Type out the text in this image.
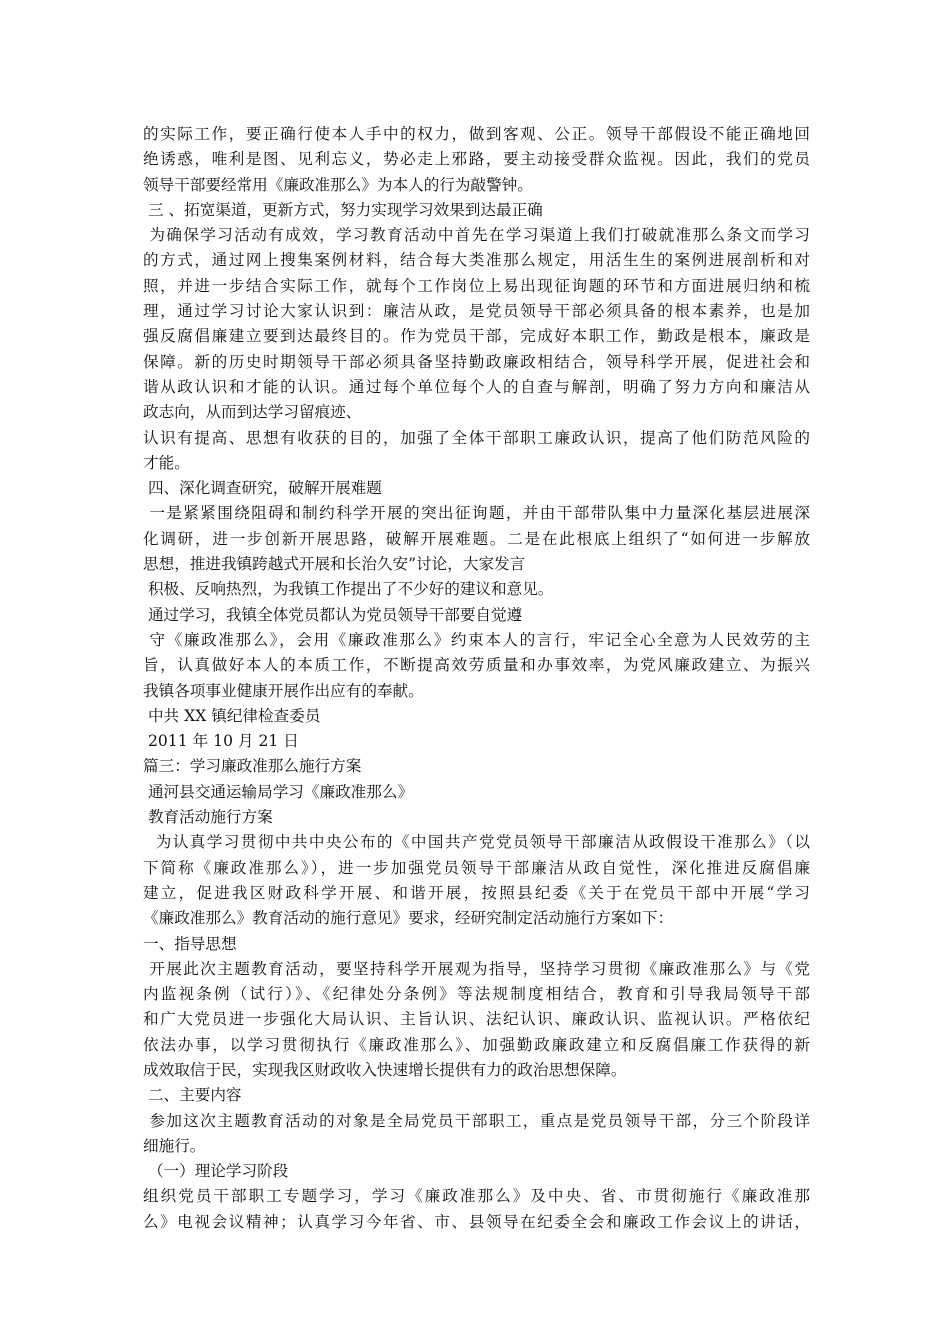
的实际工作，要正确行使本人手中的权力，做到客观、公正。领导干部假设不能正确地回
绝诱惑，唯利是图、见利忘义，势必走上邪路，要主动接受群众监视。因此，我们的党员
领导干部要经常用《廉政准那么》为本人的行为敲警钟。
三 、拓宽渠道，更新方式，努力实现学习效果到达最正确
为确保学习活动有成效，学习教育活动中首先在学习渠道上我们打破就准那么条文而学习
的方式，通过网上搜集案例材料，结合每大类准那么规定，用活生生的案例进展剖析和对
照，并进一步结合实际工作，就每个工作岗位上易出现征询题的环节和方面进展归纳和梳
理，通过学习讨论大家认识到：廉洁从政，是党员领导干部必须具备的根本素养，也是加
强反腐倡廉建立要到达最终目的。作为党员干部，完成好本职工作，勤政是根本，廉政是
保障。新的历史时期领导干部必须具备坚持勤政廉政相结合，领导科学开展，促进社会和
谐从政认识和才能的认识。通过每个单位每个人的自查与解剖，明确了努力方向和廉洁从
政志向，从而到达学习留痕迹、
认识有提高、思想有收获的目的，加强了全体干部职工廉政认识，提高了他们防范风险的
才能。
四、深化调查研究，破解开展难题
一是紧紧围绕阻碍和制约科学开展的突出征询题，并由干部带队集中力量深化基层进展深
化调研，进一步创新开展思路，破解开展难题。二是在此根底上组织了“如何进一步解放
思想，推进我镇跨越式开展和长治久安”讨论，大家发言
积极、反响热烈，为我镇工作提出了不少好的建议和意见。
通过学习，我镇全体党员都认为党员领导干部要自觉遵
守《廉政准那么》，会用《廉政准那么》约束本人的言行，牢记全心全意为人民效劳的主
旨，认真做好本人的本质工作，不断提高效劳质量和办事效率，为党风廉政建立、为振兴
我镇各项事业健康开展作出应有的奉献。
中共 XX 镇纪律检查委员
2011 年 10 月 21 日
篇三：学习廉政准那么施行方案
通河县交通运输局学习《廉政准那么》
教育活动施行方案
为认真学习贯彻中共中央公布的《中国共产党党员领导干部廉洁从政假设干准那么》（以
下简称《廉政准那么》），进一步加强党员领导干部廉洁从政自觉性，深化推进反腐倡廉
建立，促进我区财政科学开展、和谐开展，按照县纪委《关于在党员干部中开展“学习
《廉政准那么》教育活动的施行意见》要求，经研究制定活动施行方案如下：
一、指导思想
开展此次主题教育活动，要坚持科学开展观为指导，坚持学习贯彻《廉政准那么》与《党
内监视条例（试行）》、《纪律处分条例》等法规制度相结合，教育和引导我局领导干部
和广大党员进一步强化大局认识、主旨认识、法纪认识、廉政认识、监视认识。严格依纪
依法办事，以学习贯彻执行《廉政准那么》、加强勤政廉政建立和反腐倡廉工作获得的新
成效取信于民，实现我区财政收入快速增长提供有力的政治思想保障。
二、主要内容
参加这次主题教育活动的对象是全局党员干部职工，重点是党员领导干部，分三个阶段详
细施行。
（一）理论学习阶段
组织党员干部职工专题学习，学习《廉政准那么》及中央、省、市贯彻施行《廉政准那
么》电视会议精神；认真学习今年省、市、县领导在纪委全会和廉政工作会议上的讲话，
